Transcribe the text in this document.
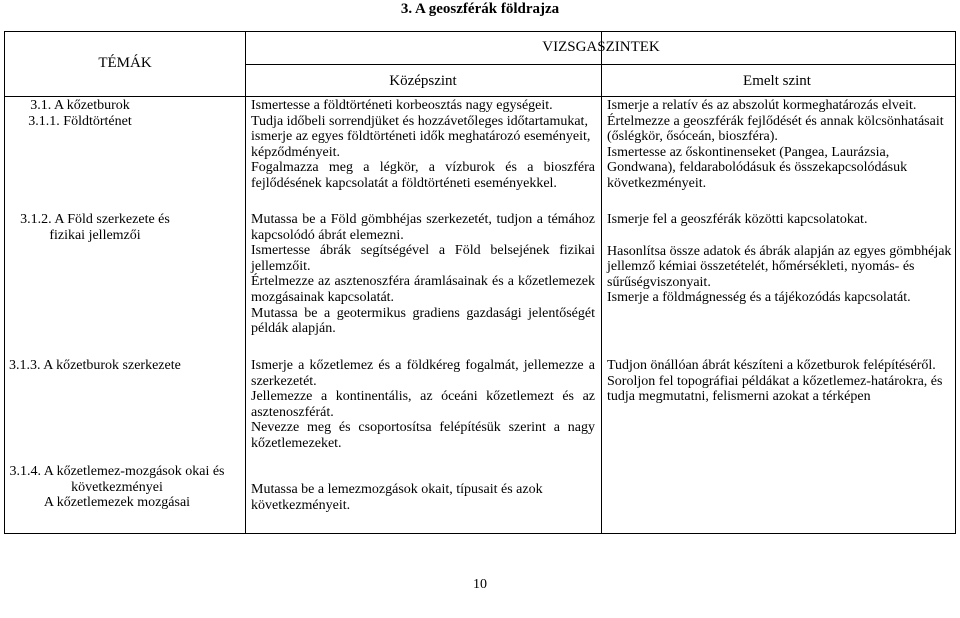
3. A geoszférák földrajza
TÉMÁK
VIZSGASZINTEK
Középszint	Emelt szint

3.1. A kőzetburok

3.1.1. Földtörténet

Ismertesse a földtörténeti korbeosztás nagy egységeit.

Tudja időbeli sorrendjüket és hozzávetőleges időtartamukat, ismerje az egyes földtörténeti idők meghatározó eseményeit, képződményeit.

Fogalmazza meg a légkör, a vízburok és a bioszféra fejlődésének kapcsolatát a földtörténeti eseményekkel.

Ismerje a relatív és az abszolút kormeghatározás elveit.

Értelmezze a geoszférák fejlődését és annak kölcsönhatásait (őslégkör, ősóceán, bioszféra).

Ismertesse az őskontinenseket (Pangea, Laurázsia, Gondwana), feldarabolódásuk és összekapcsolódásuk következményeit.

3.1.2. A Föld szerkezete és fizikai jellemzői

Mutassa be a Föld gömbhéjas szerkezetét, tudjon a témához kapcsolódó ábrát elemezni.

Ismertesse ábrák segítségével a Föld belsejének fizikai jellemzőit.

Értelmezze az asztenoszféra áramlásainak és a kőzetlemezek mozgásainak kapcsolatát.

Mutassa be a geotermikus gradiens gazdasági jelentőségét példák alapján.

Ismerje fel a geoszférák közötti kapcsolatokat.

Hasonlítsa össze adatok és ábrák alapján az egyes gömbhéjak jellemző kémiai összetételét, hőmérsékleti, nyomás- és sűrűségviszonyait.

Ismerje a földmágnesség és a tájékozódás kapcsolatát.

3.1.3. A kőzetburok szerkezete	Ismerje a kőzetlemez és a földkéreg fogalmát, jellemezze a szerkezetét.

Jellemezze a kontinentális, az óceáni kőzetlemezt és az asztenoszférát.

Nevezze meg és csoportosítsa felépítésük szerint a nagy kőzetlemezeket.

Tudjon önállóan ábrát készíteni a kőzetburok felépítéséről.

Soroljon fel topográfiai példákat a kőzetlemez-határokra, és tudja megmutatni, felismerni azokat a térképen

3.1.4. A kőzetlemez-mozgások okai és következményei

A kőzetlemezek mozgásai

Mutassa be a lemezmozgások okait, típusait és azok következményeit.

10
